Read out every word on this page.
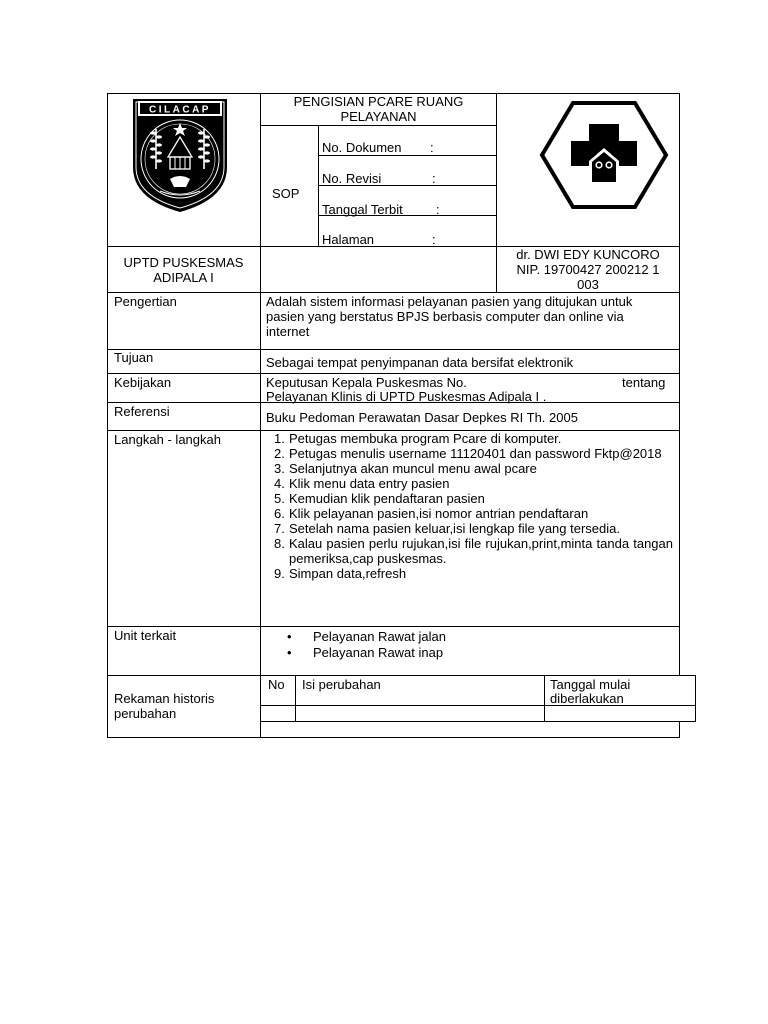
CILACAP
PENGISIAN PCARE RUANG
PELAYANAN
SOP
No. Dokumen :
No. Revisi	:
Tanggal Terbit	:
Halaman	:
UPTD PUSKESMAS
ADIPALA I
dr. DWI EDY KUNCORO
NIP. 19700427 200212 1
003
Pengertian	Adalah sistem informasi pelayanan pasien yang ditujukan untuk pasien yang berstatus BPJS berbasis computer dan online via internet
Tujuan	Sebagai tempat penyimpanan data bersifat elektronik
Kebijakan	Keputusan Kepala Puskesmas No.	tentang
Pelayanan Klinis di UPTD Puskesmas Adipala I .
Referensi	Buku Pedoman Perawatan Dasar Depkes RI Th. 2005
Langkah - langkah	1. Petugas membuka program Pcare di komputer.
2. Petugas menulis username 11120401 dan password Fktp@2018
3. Selanjutnya akan muncul menu awal pcare
4. Klik menu data entry pasien
5. Kemudian klik pendaftaran pasien
6. Klik pelayanan pasien,isi nomor antrian pendaftaran
7. Setelah nama pasien keluar,isi lengkap file yang tersedia.
8. Kalau pasien perlu rujukan,isi file rujukan,print,minta tanda tangan pemeriksa,cap puskesmas.
9. Simpan data,refresh
Unit terkait
•	Pelayanan Rawat jalan
• Pelayanan Rawat inap
Rekaman historis
perubahan
No Isi perubahan	Tanggal mulai
diberlakukan
